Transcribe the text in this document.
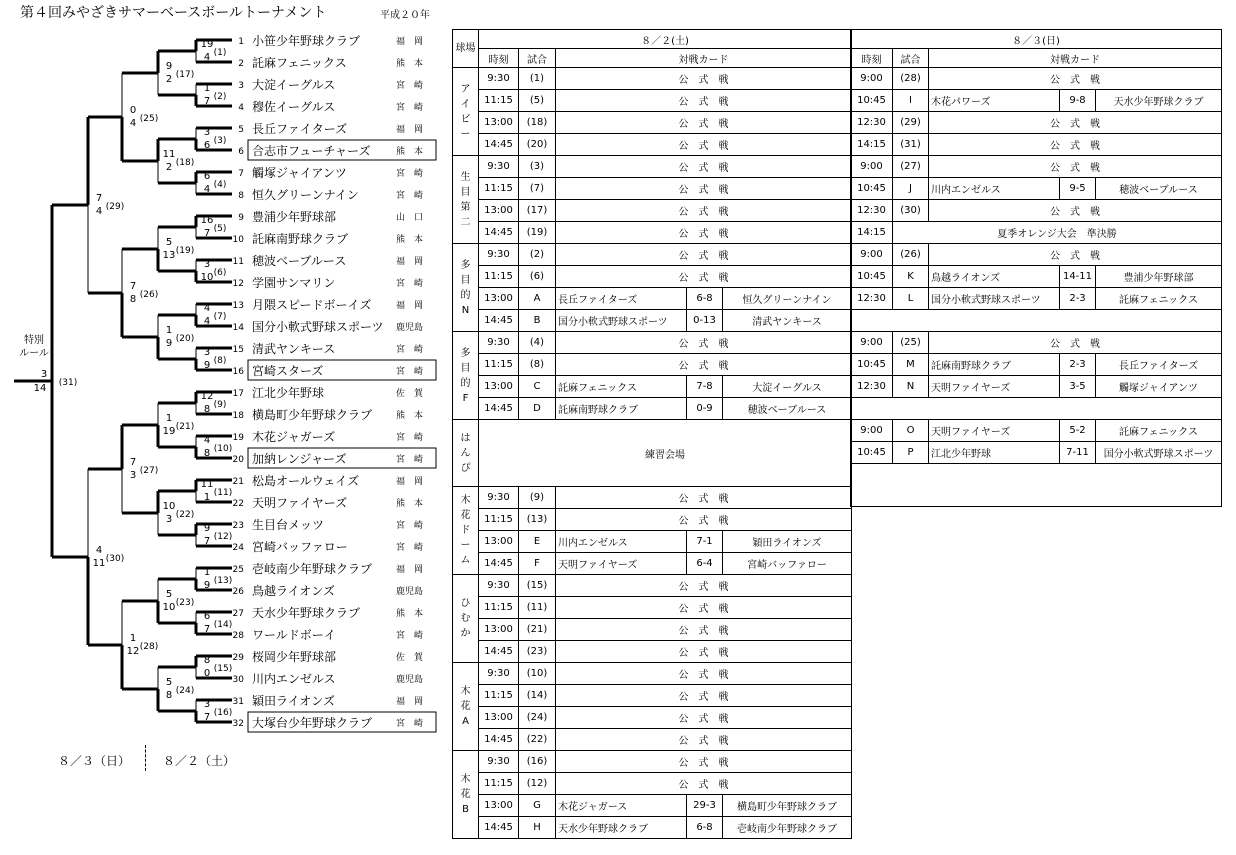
第４回みやざきサマーベースボールトーナメント	平成２０年
1 小笹少年野球クラブ	福　岡
2 託麻フェニックス	熊　本
3 大淀イーグルス	宮　崎
4 穆佐イーグルス	宮　崎
5 長丘ファイターズ	福　岡
6 合志市フューチャーズ	熊　本
7 觸塚ジャイアンツ	宮　崎
8 恒久グリーンナイン	宮　崎
9 豊浦少年野球部	山　口
10 託麻南野球クラブ	熊　本
11 穂波ベーブルース	福　岡
12 学園サンマリン	宮　崎
13 月隈スピードボーイズ	福　岡
14 国分小軟式野球スポーツ 鹿児島
15 清武ヤンキース	宮　崎
16 宮崎スターズ	宮　崎
17 江北少年野球	佐　賀
18 横島町少年野球クラブ	熊　本
19 木花ジャガーズ	宮　崎
20 加納レンジャーズ	宮　崎
21 松島オールウェイズ	福　岡
22 天明ファイヤーズ	熊　本
23 生目台メッツ	宮　崎
24 宮崎バッファロー	宮　崎
25 壱岐南少年野球クラブ	福　岡
26 鳥越ライオンズ	鹿児島
27 天水少年野球クラブ	熊　本
28 ワールドボーイ	宮　崎
29 桜岡少年野球部	佐　賀
30 川内エンゼルス	鹿児島
31 穎田ライオンズ	福　岡
32 大塚台少年野球クラブ	宮　崎
19
4 (1)
1
7 (2)
3
6 (3)
6
4 (4)
16
7 (5)
3
10 (6)
4
4 (7)
3
9 (8)
12
8 (9)
4
8 (10)
11
1 (11)
9
7 (12)
1
9 (13)
6
7 (14)
8
0 (15)
3
7 (16)
9
2 (17)
11
2 (18)
5
13 (19)
1
9 (20)
1
19 (21)
10
3 (22)
5
10 (23)
5
8 (24)
0
4 (25)
7
8 (26)
7
3 (27)
1
12 (28)
7
4 (29)
4
11 (30)
3
14 (31)
特別
ルール
球場	８／２(土)				
	時刻	試合	対戦カード		
ア
イ
ビ
ー	9:30	(1)	公　式　戦		
	11:15	(5)	公　式　戦		
	13:00	(18)	公　式　戦		
	14:45	(20)	公　式　戦		
生
目
第
二	9:30	(3)	公　式　戦		
	11:15	(7)	公　式　戦		
	13:00	(17)	公　式　戦		
	14:45	(19)	公　式　戦		
多
目
的
N	9:30	(2)	公　式　戦		
	11:15	(6)	公　式　戦		
	13:00	A	長丘ファイターズ	6-8	恒久グリーンナイン
	14:45	B	国分小軟式野球スポーツ	0-13	清武ヤンキース
多
目
的
F	9:30	(4)	公　式　戦		
	11:15	(8)	公　式　戦		
	13:00	C	託麻フェニックス	7-8	大淀イーグルス
	14:45	D	託麻南野球クラブ	0-9	穂波ベーブルース
は
ん
ぴ	練習会場				
木
花
ド
ー
ム	9:30	(9)	公　式　戦		
	11:15	(13)	公　式　戦		
	13:00	E	川内エンゼルス	7-1	穎田ライオンズ
	14:45	F	天明ファイヤーズ	6-4	宮崎バッファロー
ひ
む
か	9:30	(15)	公　式　戦		
	11:15	(11)	公　式　戦		
	13:00	(21)	公　式　戦		
	14:45	(23)	公　式　戦		
木
花
A	9:30	(10)	公　式　戦		
	11:15	(14)	公　式　戦		
	13:00	(24)	公　式　戦		
	14:45	(22)	公　式　戦		
木
花
B	9:30	(16)	公　式　戦		
	11:15	(12)	公　式　戦		
	13:00	G	木花ジャガース	29-3	横島町少年野球クラブ
	14:45	H	天水少年野球クラブ	6-8	壱岐南少年野球クラブ
８／３(日)				
時刻	試合	対戦カード		
9:00	(28)	公　式　戦		
10:45	I	木花パワーズ	9-8	天水少年野球クラブ
12:30	(29)	公　式　戦		
14:15	(31)	公　式　戦		
9:00	(27)	公　式　戦		
10:45	J	川内エンゼルス	9-5	穂波ベーブルース
12:30	(30)	公　式　戦		
14:15	夏季オレンジ大会　準決勝			
9:00	(26)	公　式　戦		
10:45	K	鳥越ライオンズ	14-11	豊浦少年野球部
12:30	L	国分小軟式野球スポーツ	2-3	託麻フェニックス

9:00	(25)	公　式　戦		
10:45	M	託麻南野球クラブ	2-3	長丘ファイターズ
12:30	N	天明ファイヤーズ	3-5	觸塚ジャイアンツ

9:00	O	天明ファイヤーズ	5-2	託麻フェニックス
10:45	P	江北少年野球	7-11	国分小軟式野球スポーツ

８／３（日）	８／２（土）
